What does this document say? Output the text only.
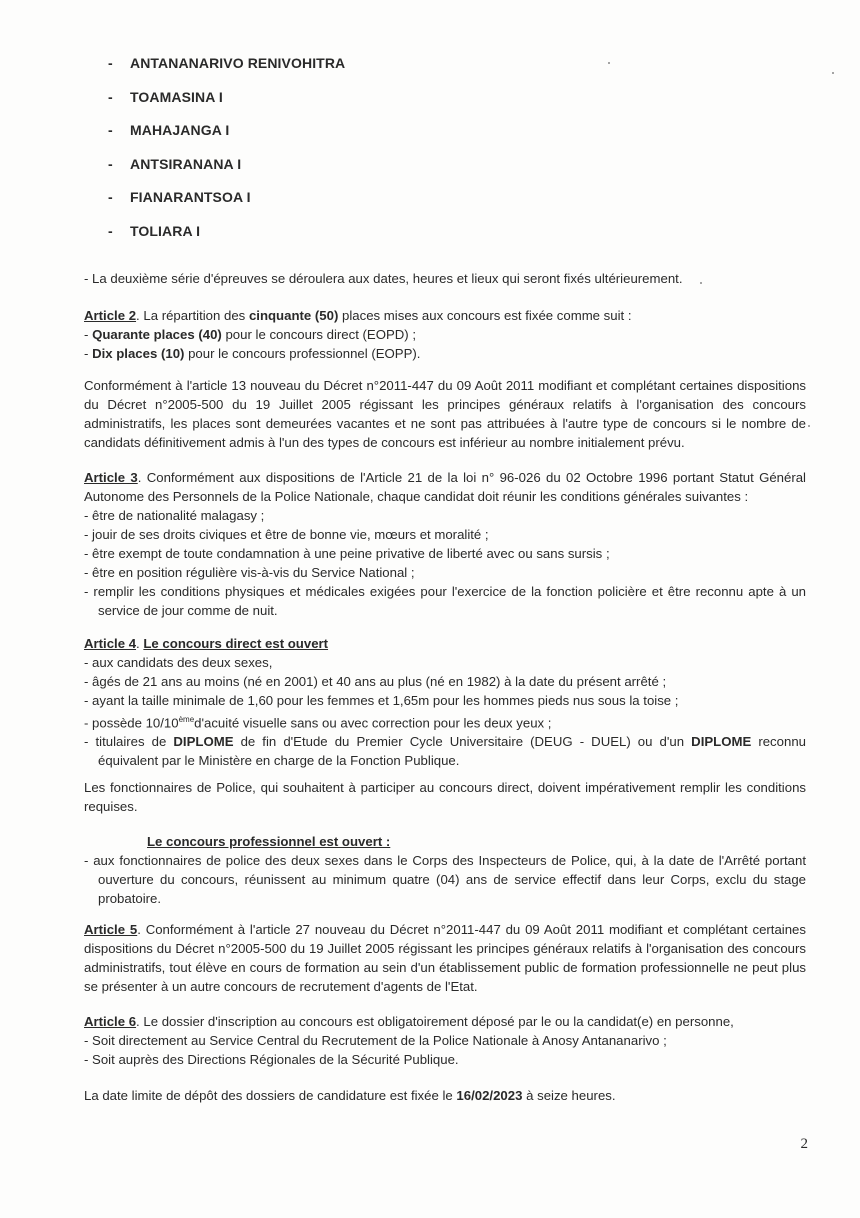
- ANTANANARIVO RENIVOHITRA
- TOAMASINA I
- MAHAJANGA I
- ANTSIRANANA I
- FIANARANTSOA I
- TOLIARA I

- La deuxième série d'épreuves se déroulera aux dates, heures et lieux qui seront fixés ultérieurement.

Article 2. La répartition des cinquante (50) places mises aux concours est fixée comme suit :

- Quarante places (40) pour le concours direct (EOPD) ;

- Dix places (10) pour le concours professionnel (EOPP).

Conformément à l'article 13 nouveau du Décret n°2011-447 du 09 Août 2011 modifiant et complétant certaines dispositions du Décret n°2005-500 du 19 Juillet 2005 régissant les principes généraux relatifs à l'organisation des concours administratifs, les places sont demeurées vacantes et ne sont pas attribuées à l'autre type de concours si le nombre de candidats définitivement admis à l'un des types de concours est inférieur au nombre initialement prévu.

Article 3. Conformément aux dispositions de l'Article 21 de la loi n° 96-026 du 02 Octobre 1996 portant Statut Général Autonome des Personnels de la Police Nationale, chaque candidat doit réunir les conditions générales suivantes :

- être de nationalité malagasy ;
- jouir de ses droits civiques et être de bonne vie, mœurs et moralité ;
- être exempt de toute condamnation à une peine privative de liberté avec ou sans sursis ;
- être en position régulière vis-à-vis du Service National ;
- remplir les conditions physiques et médicales exigées pour l'exercice de la fonction policière et être reconnu apte à un service de jour comme de nuit.

Article 4. Le concours direct est ouvert

- aux candidats des deux sexes,
- âgés de 21 ans au moins (né en 2001) et 40 ans au plus (né en 1982) à la date du présent arrêté ;
- ayant la taille minimale de 1,60 pour les femmes et 1,65m pour les hommes pieds nus sous la toise ;
- possède 10/10èmed'acuité visuelle sans ou avec correction pour les deux yeux ;
- titulaires de DIPLOME de fin d'Etude du Premier Cycle Universitaire (DEUG - DUEL) ou d'un DIPLOME reconnu équivalent par le Ministère en charge de la Fonction Publique.

Les fonctionnaires de Police, qui souhaitent à participer au concours direct, doivent impérativement remplir les conditions requises.

Le concours professionnel est ouvert :

- aux fonctionnaires de police des deux sexes dans le Corps des Inspecteurs de Police, qui, à la date de l'Arrêté portant ouverture du concours, réunissent au minimum quatre (04) ans de service effectif dans leur Corps, exclu du stage probatoire.

Article 5. Conformément à l'article 27 nouveau du Décret n°2011-447 du 09 Août 2011 modifiant et complétant certaines dispositions du Décret n°2005-500 du 19 Juillet 2005 régissant les principes généraux relatifs à l'organisation des concours administratifs, tout élève en cours de formation au sein d'un établissement public de formation professionnelle ne peut plus se présenter à un autre concours de recrutement d'agents de l'Etat.

Article 6. Le dossier d'inscription au concours est obligatoirement déposé par le ou la candidat(e) en personne,

- Soit directement au Service Central du Recrutement de la Police Nationale à Anosy Antananarivo ;
- Soit auprès des Directions Régionales de la Sécurité Publique.

La date limite de dépôt des dossiers de candidature est fixée le 16/02/2023 à seize heures.

2
